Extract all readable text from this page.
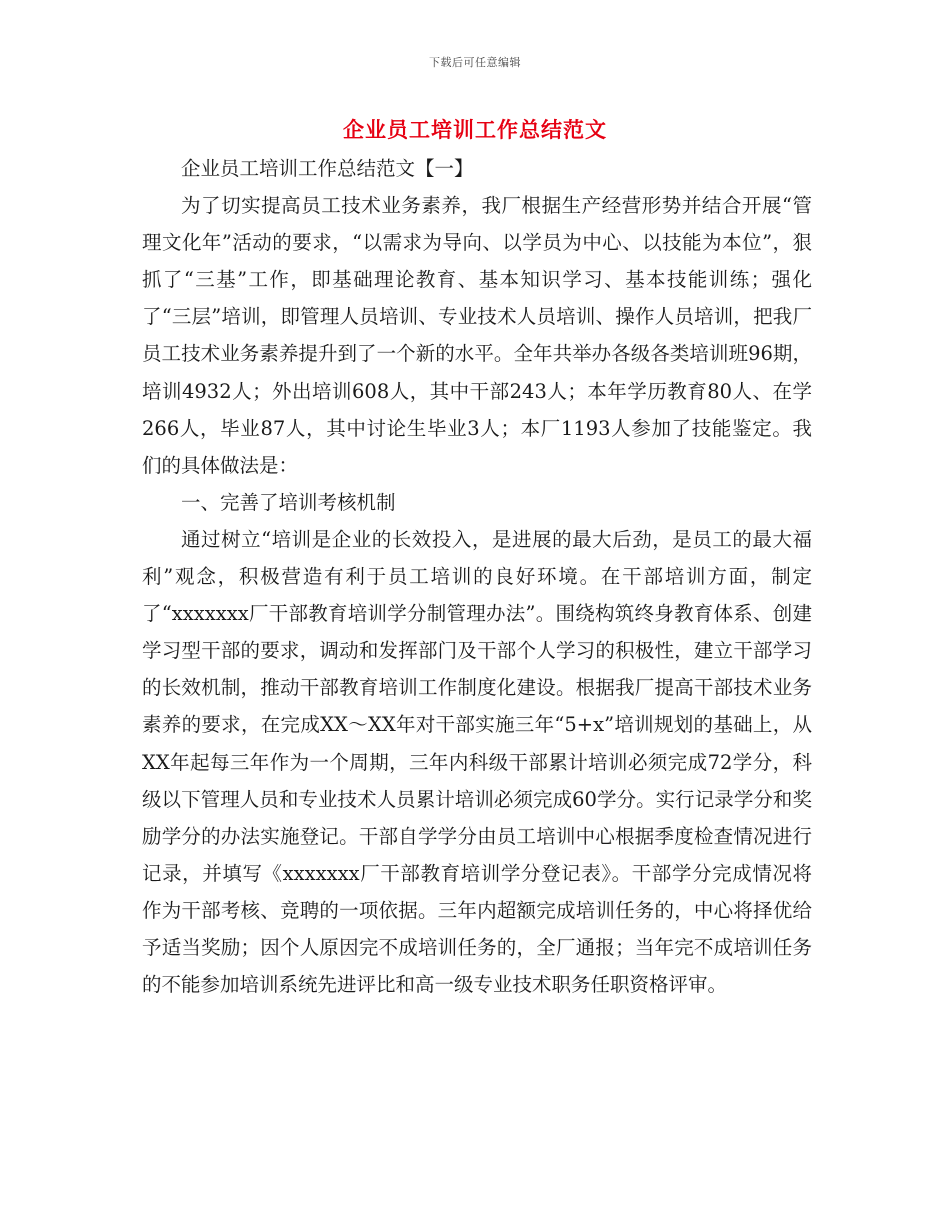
下载后可任意编辑
企业员工培训工作总结范文

企业员工培训工作总结范文【一】

为了切实提高员工技术业务素养，我厂根据生产经营形势并结合开展“管理文化年”活动的要求，“以需求为导向、以学员为中心、以技能为本位”，狠抓了“三基”工作，即基础理论教育、基本知识学习、基本技能训练；强化了“三层”培训，即管理人员培训、专业技术人员培训、操作人员培训，把我厂员工技术业务素养提升到了一个新的水平。全年共举办各级各类培训班96期，培训4932人；外出培训608人，其中干部243人；本年学历教育80人、在学266人，毕业87人，其中讨论生毕业3人；本厂1193人参加了技能鉴定。我们的具体做法是：

一、完善了培训考核机制

通过树立“培训是企业的长效投入，是进展的最大后劲，是员工的最大福利”观念，积极营造有利于员工培训的良好环境。在干部培训方面，制定了“xxxxxxx厂干部教育培训学分制管理办法”。围绕构筑终身教育体系、创建学习型干部的要求，调动和发挥部门及干部个人学习的积极性，建立干部学习的长效机制，推动干部教育培训工作制度化建设。根据我厂提高干部技术业务素养的要求，在完成XX～XX年对干部实施三年“5+x”培训规划的基础上，从XX年起每三年作为一个周期，三年内科级干部累计培训必须完成72学分，科级以下管理人员和专业技术人员累计培训必须完成60学分。实行记录学分和奖励学分的办法实施登记。干部自学学分由员工培训中心根据季度检查情况进行记录，并填写《xxxxxxx厂干部教育培训学分登记表》。干部学分完成情况将作为干部考核、竞聘的一项依据。三年内超额完成培训任务的，中心将择优给予适当奖励；因个人原因完不成培训任务的，全厂通报；当年完不成培训任务的不能参加培训系统先进评比和高一级专业技术职务任职资格评审。
